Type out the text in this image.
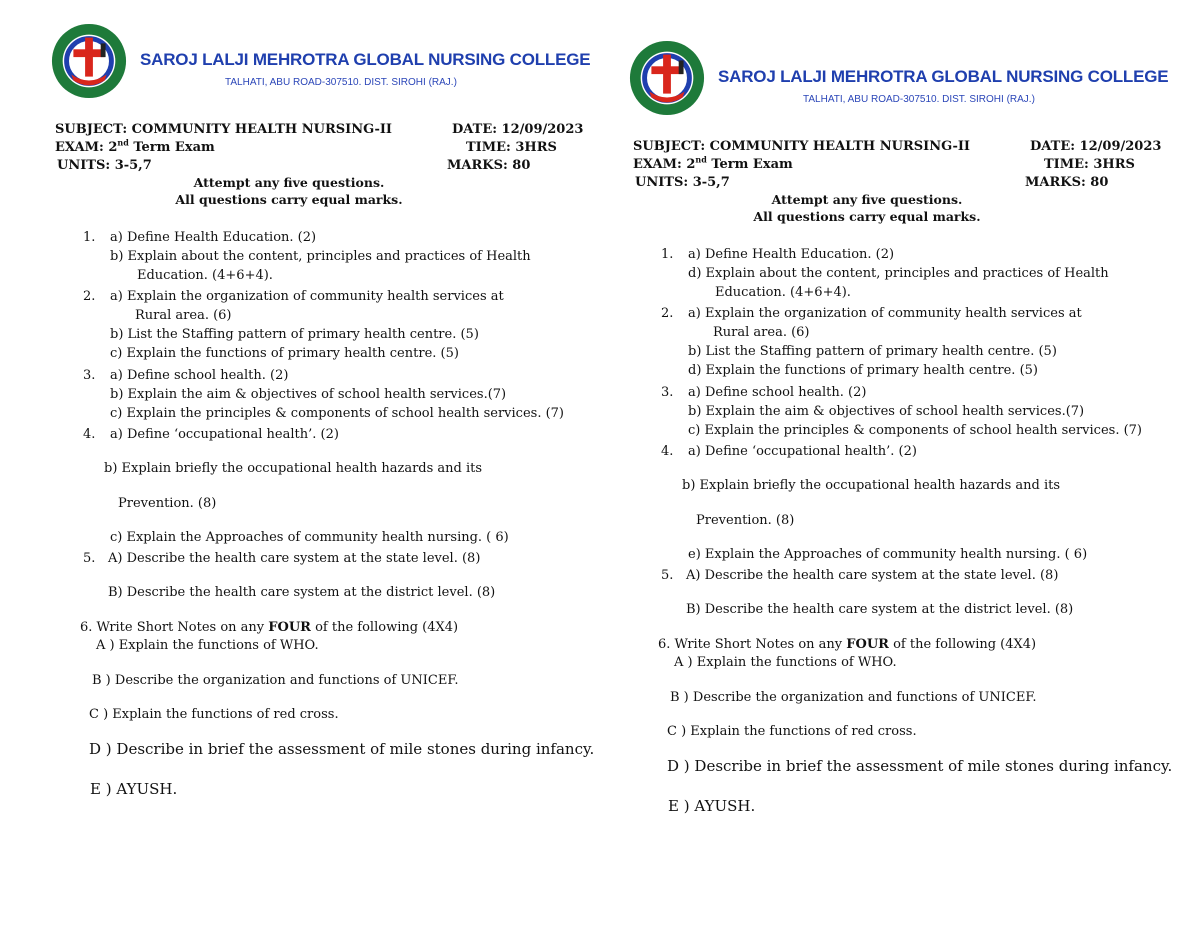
SAROJ LALJI MEHROTRA GLOBAL NURSING COLLEGE
TALHATI, ABU ROAD-307510. DIST. SIROHI (RAJ.)
SUBJECT: COMMUNITY HEALTH NURSING-II	DATE: 12/09/2023
EXAM: 2nd Term Exam	TIME: 3HRS
UNITS: 3-5,7	MARKS: 80
Attempt any five questions.
All questions carry equal marks.
1. a) Define Health Education. (2)
b) Explain about the content, principles and practices of Health
Education. (4+6+4).
2. a) Explain the organization of community health services at
Rural area. (6)
b) List the Staffing pattern of primary health centre. (5)
c) Explain the functions of primary health centre. (5)
3. a) Define school health. (2)
b) Explain the aim & objectives of school health services.(7)
c) Explain the principles & components of school health services. (7)
4. a) Define ‘occupational health’. (2)
b) Explain briefly the occupational health hazards and its
Prevention. (8)
c) Explain the Approaches of community health nursing. ( 6)
5. A) Describe the health care system at the state level. (8)
B) Describe the health care system at the district level. (8)
6. Write Short Notes on any FOUR of the following (4X4)
A ) Explain the functions of WHO.
B ) Describe the organization and functions of UNICEF.
C ) Explain the functions of red cross.
D ) Describe in brief the assessment of mile stones during infancy.
E ) AYUSH.
SAROJ LALJI MEHROTRA GLOBAL NURSING COLLEGE
TALHATI, ABU ROAD-307510. DIST. SIROHI (RAJ.)
SUBJECT: COMMUNITY HEALTH NURSING-II	DATE: 12/09/2023
EXAM: 2nd Term Exam	TIME: 3HRS
UNITS: 3-5,7	MARKS: 80
Attempt any five questions.
All questions carry equal marks.
1. a) Define Health Education. (2)
d) Explain about the content, principles and practices of Health
Education. (4+6+4).
2. a) Explain the organization of community health services at
Rural area. (6)
b) List the Staffing pattern of primary health centre. (5)
d) Explain the functions of primary health centre. (5)
3. a) Define school health. (2)
b) Explain the aim & objectives of school health services.(7)
c) Explain the principles & components of school health services. (7)
4. a) Define ‘occupational health’. (2)
b) Explain briefly the occupational health hazards and its
Prevention. (8)
e) Explain the Approaches of community health nursing. ( 6)
5. A) Describe the health care system at the state level. (8)
B) Describe the health care system at the district level. (8)
6. Write Short Notes on any FOUR of the following (4X4)
A ) Explain the functions of WHO.
B ) Describe the organization and functions of UNICEF.
C ) Explain the functions of red cross.
D ) Describe in brief the assessment of mile stones during infancy.
E ) AYUSH.
